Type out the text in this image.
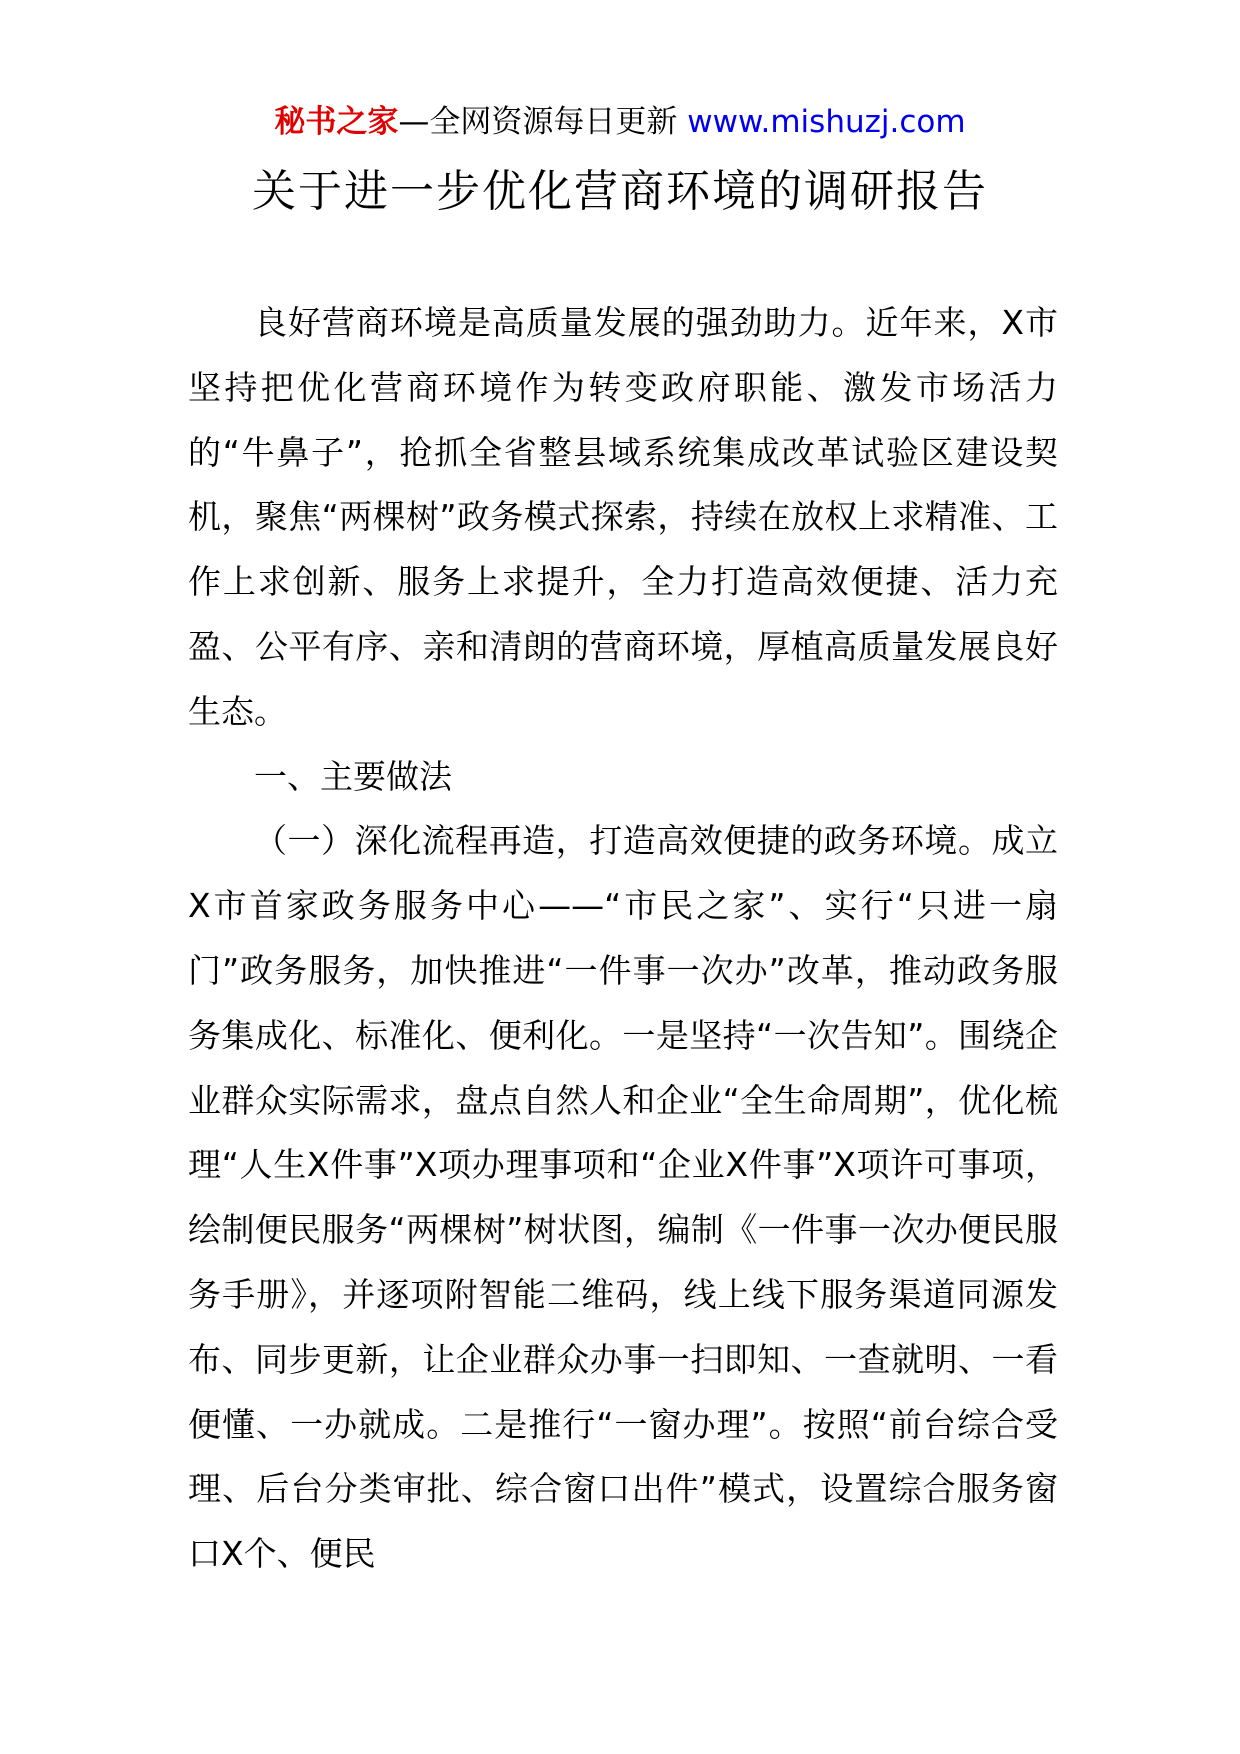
秘书之家—全网资源每日更新 www.mishuzj.com
关于进一步优化营商环境的调研报告

良好营商环境是高质量发展的强劲助力。近年来，X市坚持把优化营商环境作为转变政府职能、激发市场活力的“牛鼻子”，抢抓全省整县域系统集成改革试验区建设契机，聚焦“两棵树”政务模式探索，持续在放权上求精准、工作上求创新、服务上求提升，全力打造高效便捷、活力充盈、公平有序、亲和清朗的营商环境，厚植高质量发展良好生态。

一、主要做法

（一）深化流程再造，打造高效便捷的政务环境。成立X市首家政务服务中心——“市民之家”、实行“只进一扇门”政务服务，加快推进“一件事一次办”改革，推动政务服务集成化、标准化、便利化。一是坚持“一次告知”。围绕企业群众实际需求，盘点自然人和企业“全生命周期”，优化梳理“人生X件事”X项办理事项和“企业X件事”X项许可事项，绘制便民服务“两棵树”树状图，编制《一件事一次办便民服务手册》，并逐项附智能二维码，线上线下服务渠道同源发布、同步更新，让企业群众办事一扫即知、一查就明、一看便懂、一办就成。二是推行“一窗办理”。按照“前台综合受理、后台分类审批、综合窗口出件”模式，设置综合服务窗口X个、便民
